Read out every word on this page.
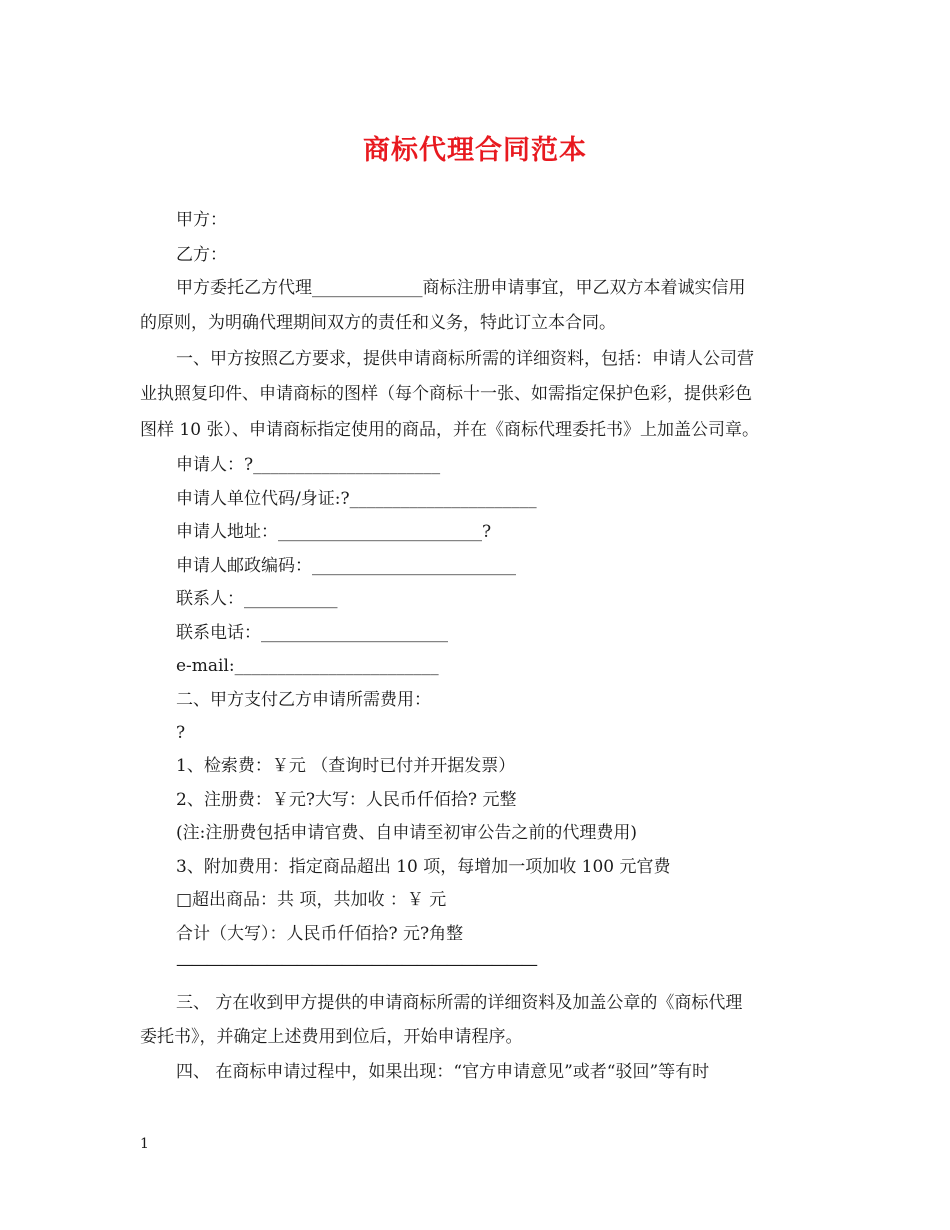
商标代理合同范本
甲方：
乙方：
甲方委托乙方代理_____________商标注册申请事宜，甲乙双方本着诚实信用
的原则，为明确代理期间双方的责任和义务，特此订立本合同。
一、甲方按照乙方要求，提供申请商标所需的详细资料，包括：申请人公司营
业执照复印件、申请商标的图样（每个商标十一张、如需指定保护色彩，提供彩色
图样 10 张）、申请商标指定使用的商品，并在《商标代理委托书》上加盖公司章。
申请人：?______________________
申请人单位代码/身证:?______________________
申请人地址：________________________?
申请人邮政编码：________________________
联系人：___________
联系电话：______________________
e-mail:________________________
二、甲方支付乙方申请所需费用：
?
1、检索费：￥元 （查询时已付并开据发票）
2、注册费：￥元?大写：人民币仟佰拾? 元整
(注:注册费包括申请官费、自申请至初审公告之前的代理费用)
3、附加费用：指定商品超出 10 项，每增加一项加收 100 元官费
□超出商品：共 项，共加收 ：￥ 元
合计（大写）：人民币仟佰拾? 元?角整
————————————————————————
三、 方在收到甲方提供的申请商标所需的详细资料及加盖公章的《商标代理
委托书》，并确定上述费用到位后，开始申请程序。
四、 在商标申请过程中，如果出现：“官方申请意见”或者“驳回”等有时
1
